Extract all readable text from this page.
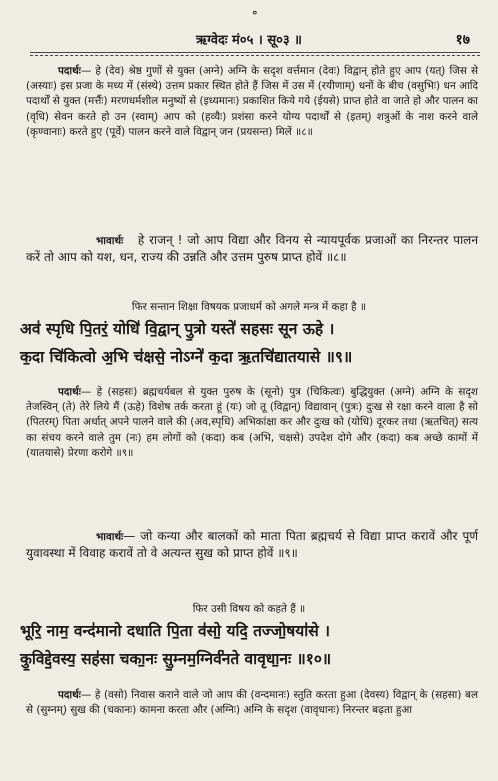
॰
ऋग्वेदः मं०५ । सू०३ ॥	१७

पदार्थः— हे (देव) श्रेष्ठ गुणों से युक्त (अग्ने) अग्नि के सदृश वर्त्तमान (देवः) विद्वान् होते हुए आप (यत्) जिस से (अस्याः) इस प्रजा के मध्य में (संस्थे) उत्तम प्रकार स्थित होते हैं जिस में उस में (रयीणाम्) धनों के बीच (वसुभिः) धन आदि पदार्थों से युक्त (मर्त्तैः) मरणधर्मशील मनुष्यों से (इध्यमानः) प्रकाशित किये गये (ईयसे) प्राप्त होते वा जाते हो और पालन का (वृधि) सेवन करते हो उन (स्वाम्) आप को (हव्यैः) प्रशंसा करने योग्य पदार्थों से (इतम्) शत्रुओं के नाश करने वाले (कृण्वानाः) करते हुए (पूर्वे) पालन करने वाले विद्वान् जन (प्रयसन्त) मिलें ॥८॥

भावार्थः हे राजन् ! जो आप विद्या और विनय से न्यायपूर्वक प्रजाओं का निरन्तर पालन करें तो आप को यश, धन, राज्य की उन्नति और उत्तम पुरुष प्राप्त होवें ॥८॥

फिर सन्तान शिक्षा विषयक प्रजाधर्म को अगले मन्त्र में कहा है ॥
अव॑ स्पृधि पि॒तरं॒ योधि॑ वि॒द्वान् पु॒त्रो यस्ते॑ सहसः सून ऊहे ।
क॒दा चि॑कित्वो अ॒भि च॑क्षसे॒ नोऽग्ने॑ क॒दा ऋ॒तचि॑द्यातयासे ॥९॥

पदार्थः— हे (सहसः) ब्रह्मचर्यबल से युक्त पुरुष के (सूनो) पुत्र (चिकित्वः) बुद्धियुक्त (अग्ने) अग्नि के सदृश तेजस्विन् (ते) तेरे लिये मैं (ऊहे) विशेष तर्क करता हूं (यः) जो तू (विद्वान्) विद्यावान् (पुत्रः) दुःख से रक्षा करने वाला है सो (पितरम्) पिता अर्थात् अपने पालने वाले की (अव,स्पृधि) अभिकांक्षा कर और दुःख को (योधि) दूरकर तथा (ऋतचित्) सत्य का संचय करने वाले तुम (नः) हम लोगों को (कदा) कब (अभि, चक्षसे) उपदेश दोगे और (कदा) कब अच्छे कामों में (यातयासे) प्रेरणा करोगे ॥९॥

भावार्थः— जो कन्या और बालकों को माता पिता ब्रह्मचर्य से विद्या प्राप्त करावें और पूर्ण युवावस्था में विवाह करावें तो वे अत्यन्त सुख को प्राप्त होवें ॥९॥

फिर उसी विषय को कहते हैं ॥
भूरि॒ नाम॒ वन्द॑मानो दधाति पि॒ता व॑सो॒ यदि॒ तज्जो॒षया॑से ।
कु॒विद्दे॒वस्य॒ सह॑सा चका॒नः सु॒म्नम॒ग्निर्व॑नते वावृधा॒नः ॥१०॥

पदार्थः— हे (वसो) निवास कराने वाले जो आप की (वन्दमानः) स्तुति करता हुआ (देवस्य) विद्वान् के (सहसा) बल से (सुम्नम्) सुख की (चकानः) कामना करता और (अग्निः) अग्नि के सदृश (वावृधानः) निरन्तर बढ़ता हुआ
